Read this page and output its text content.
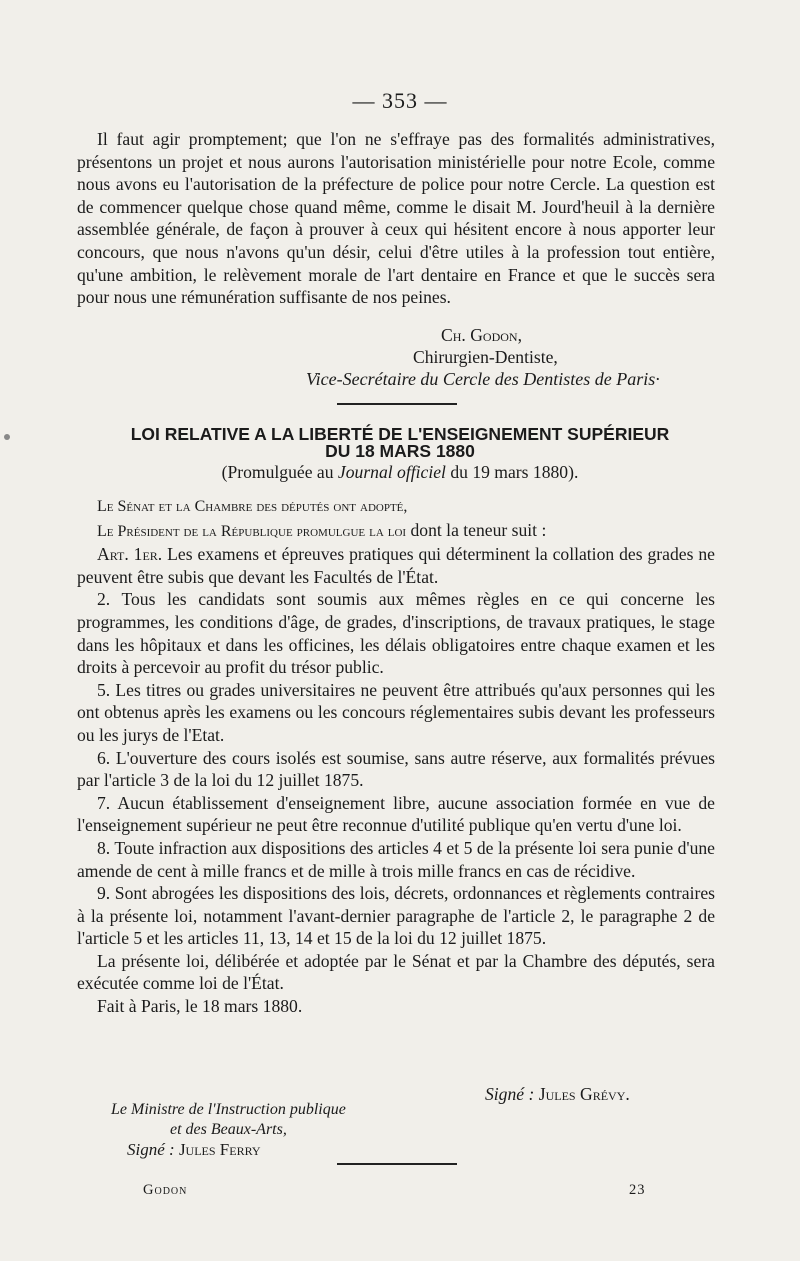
— 353 —

Il faut agir promptement; que l'on ne s'effraye pas des formalités administratives, présentons un projet et nous aurons l'autorisation ministérielle pour notre Ecole, comme nous avons eu l'autorisation de la préfecture de police pour notre Cercle. La question est de commencer quelque chose quand même, comme le disait M. Jourd'heuil à la dernière assemblée générale, de façon à prouver à ceux qui hésitent encore à nous apporter leur concours, que nous n'avons qu'un désir, celui d'être utiles à la profession tout entière, qu'une ambition, le relèvement morale de l'art dentaire en France et que le succès sera pour nous une rémunération suffisante de nos peines.

Ch. Godon,
Chirurgien-Dentiste,
Vice-Secrétaire du Cercle des Dentistes de Paris·
LOI RELATIVE A LA LIBERTÉ DE L'ENSEIGNEMENT SUPÉRIEUR
DU 18 MARS 1880
(Promulguée au Journal officiel du 19 mars 1880).

Le Sénat et la Chambre des députés ont adopté,

Le Président de la République promulgue la loi dont la teneur suit :

Art. 1er. Les examens et épreuves pratiques qui déterminent la collation des grades ne peuvent être subis que devant les Facultés de l'État.

2. Tous les candidats sont soumis aux mêmes règles en ce qui concerne les programmes, les conditions d'âge, de grades, d'inscriptions, de travaux pratiques, le stage dans les hôpitaux et dans les officines, les délais obligatoires entre chaque examen et les droits à percevoir au profit du trésor public.

5. Les titres ou grades universitaires ne peuvent être attribués qu'aux personnes qui les ont obtenus après les examens ou les concours réglementaires subis devant les professeurs ou les jurys de l'Etat.

6. L'ouverture des cours isolés est soumise, sans autre réserve, aux formalités prévues par l'article 3 de la loi du 12 juillet 1875.

7. Aucun établissement d'enseignement libre, aucune association formée en vue de l'enseignement supérieur ne peut être reconnue d'utilité publique qu'en vertu d'une loi.

8. Toute infraction aux dispositions des articles 4 et 5 de la présente loi sera punie d'une amende de cent à mille francs et de mille à trois mille francs en cas de récidive.

9. Sont abrogées les dispositions des lois, décrets, ordonnances et règlements contraires à la présente loi, notamment l'avant-dernier paragraphe de l'article 2, le paragraphe 2 de l'article 5 et les articles 11, 13, 14 et 15 de la loi du 12 juillet 1875.

La présente loi, délibérée et adoptée par le Sénat et par la Chambre des députés, sera exécutée comme loi de l'État.

Fait à Paris, le 18 mars 1880.

Signé : Jules Grévy.
Le Ministre de l'Instruction publique
et des Beaux-Arts,
Signé : Jules Ferry
Godon	23
